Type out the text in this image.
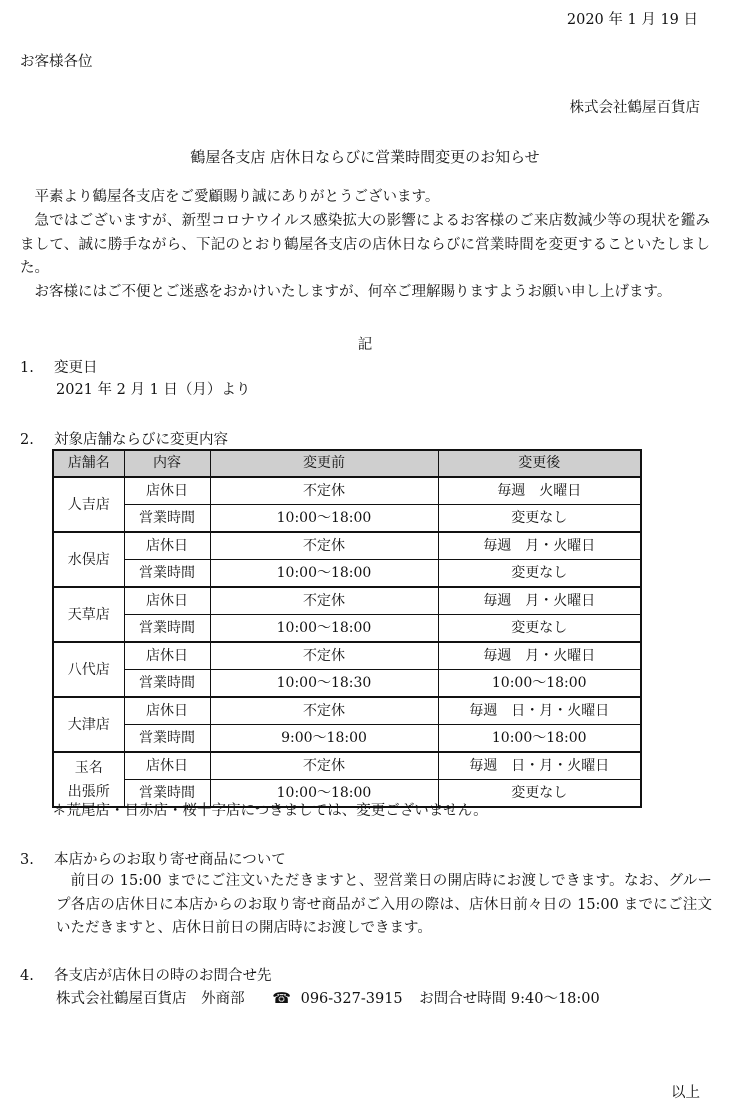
2020 年 1 月 19 日
お客様各位
株式会社鶴屋百貨店
鶴屋各支店 店休日ならびに営業時間変更のお知らせ
平素より鶴屋各支店をご愛顧賜り誠にありがとうございます。
急ではございますが、新型コロナウイルス感染拡大の影響によるお客様のご来店数減少等の現状を鑑みまして、誠に勝手ながら、下記のとおり鶴屋各支店の店休日ならびに営業時間を変更することいたしました。
お客様にはご不便とご迷惑をおかけいたしますが、何卒ご理解賜りますようお願い申し上げます。
記
1. 変更日
2021 年 2 月 1 日（月）より
2. 対象店舗ならびに変更内容
店舗名	内容	変更前	変更後
人吉店	店休日	不定休	毎週　火曜日
	営業時間	10:00～18:00	変更なし
水俣店	店休日	不定休	毎週　月・火曜日
	営業時間	10:00～18:00	変更なし
天草店	店休日	不定休	毎週　月・火曜日
	営業時間	10:00～18:00	変更なし
八代店	店休日	不定休	毎週　月・火曜日
	営業時間	10:00～18:30	10:00～18:00
大津店	店休日	不定休	毎週　日・月・火曜日
	営業時間	9:00～18:00	10:00～18:00
玉名
出張所	店休日	不定休	毎週　日・月・火曜日
	営業時間	10:00～18:00	変更なし
＊荒尾店・日赤店・桜十字店につきましては、変更ございません。
3. 本店からのお取り寄せ商品について
前日の 15:00 までにご注文いただきますと、翌営業日の開店時にお渡しできます。なお、グループ各店の店休日に本店からのお取り寄せ商品がご入用の際は、店休日前々日の 15:00 までにご注文いただきますと、店休日前日の開店時にお渡しできます。
4. 各支店が店休日の時のお問合せ先
株式会社鶴屋百貨店 外商部 ☎ 096-327-3915 お問合せ時間 9:40～18:00
以上
